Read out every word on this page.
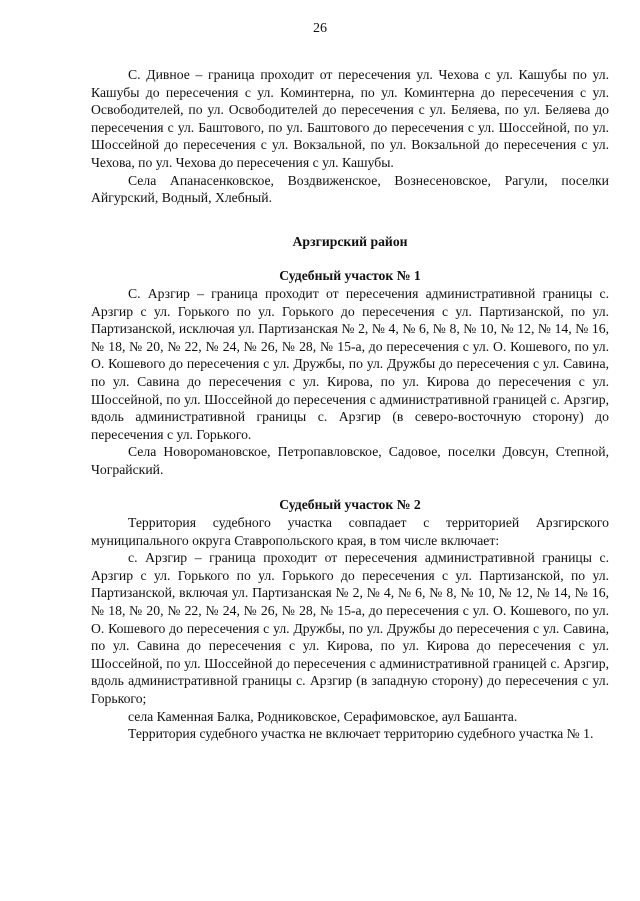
26

С. Дивное – граница проходит от пересечения ул. Чехова с ул. Кашубы по ул. Кашубы до пересечения с ул. Коминтерна, по ул. Коминтерна до пересечения с ул. Освободителей, по ул. Освободителей до пересечения с ул. Беляева, по ул. Беляева до пересечения с ул. Баштового, по ул. Баштового до пересечения с ул. Шоссейной, по ул. Шоссейной до пересечения с ул. Вокзальной, по ул. Вокзальной до пересечения с ул. Чехова, по ул. Чехова до пересечения с ул. Кашубы.

Села Апанасенковское, Воздвиженское, Вознесеновское, Рагули, поселки Айгурский, Водный, Хлебный.

Арзгирский район
Судебный участок № 1

С. Арзгир – граница проходит от пересечения административной границы с. Арзгир с ул. Горького по ул. Горького до пересечения с ул. Партизанской, по ул. Партизанской, исключая ул. Партизанская № 2, № 4, № 6, № 8, № 10, № 12, № 14, № 16, № 18, № 20, № 22, № 24, № 26, № 28, № 15-а, до пересечения с ул. О. Кошевого, по ул. О. Кошевого до пересечения с ул. Дружбы, по ул. Дружбы до пересечения с ул. Савина, по ул. Савина до пересечения с ул. Кирова, по ул. Кирова до пересечения с ул. Шоссейной, по ул. Шоссейной до пересечения с административной границей с. Арзгир, вдоль административной границы с. Арзгир (в северо-восточную сторону) до пересечения с ул. Горького.

Села Новоромановское, Петропавловское, Садовое, поселки Довсун, Степной, Чограйский.

Судебный участок № 2

Территория судебного участка совпадает с территорией Арзгирского муниципального округа Ставропольского края, в том числе включает:

с. Арзгир – граница проходит от пересечения административной границы с. Арзгир с ул. Горького по ул. Горького до пересечения с ул. Партизанской, по ул. Партизанской, включая ул. Партизанская № 2, № 4, № 6, № 8, № 10, № 12, № 14, № 16, № 18, № 20, № 22, № 24, № 26, № 28, № 15-а, до пересечения с ул. О. Кошевого, по ул. О. Кошевого до пересечения с ул. Дружбы, по ул. Дружбы до пересечения с ул. Савина, по ул. Савина до пересечения с ул. Кирова, по ул. Кирова до пересечения с ул. Шоссейной, по ул. Шоссейной до пересечения с административной границей с. Арзгир, вдоль административной границы с. Арзгир (в западную сторону) до пересечения с ул. Горького;

села Каменная Балка, Родниковское, Серафимовское, аул Башанта.

Территория судебного участка не включает территорию судебного участка № 1.
